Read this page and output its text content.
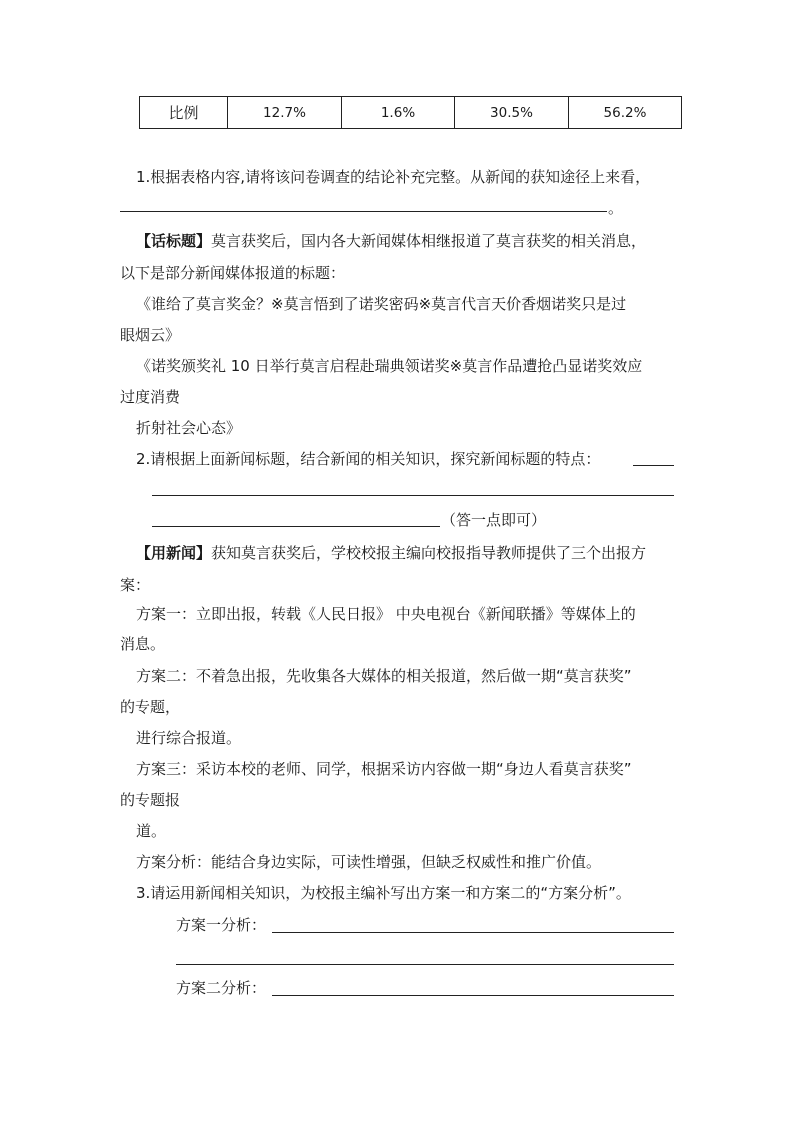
比例	12.7%	1.6%	30.5%	56.2%
1.根据表格内容,请将该问卷调查的结论补充完整。从新闻的获知途径上来看，
。
【话标题】莫言获奖后，国内各大新闻媒体相继报道了莫言获奖的相关消息，
以下是部分新闻媒体报道的标题：
《谁给了莫言奖金？※莫言悟到了诺奖密码※莫言代言天价香烟诺奖只是过
眼烟云》
《诺奖颁奖礼 10 日举行莫言启程赴瑞典领诺奖※莫言作品遭抢凸显诺奖效应
过度消费
折射社会心态》
2.请根据上面新闻标题，结合新闻的相关知识，探究新闻标题的特点：
（答一点即可）
【用新闻】获知莫言获奖后，学校校报主编向校报指导教师提供了三个出报方
案：
方案一：立即出报，转载《人民日报》 中央电视台《新闻联播》等媒体上的
消息。
方案二：不着急出报，先收集各大媒体的相关报道，然后做一期“莫言获奖”
的专题，
进行综合报道。
方案三：采访本校的老师、同学，根据采访内容做一期“身边人看莫言获奖”
的专题报
道。
方案分析：能结合身边实际，可读性增强，但缺乏权威性和推广价值。
3.请运用新闻相关知识，为校报主编补写出方案一和方案二的“方案分析”。
方案一分析：
方案二分析：
